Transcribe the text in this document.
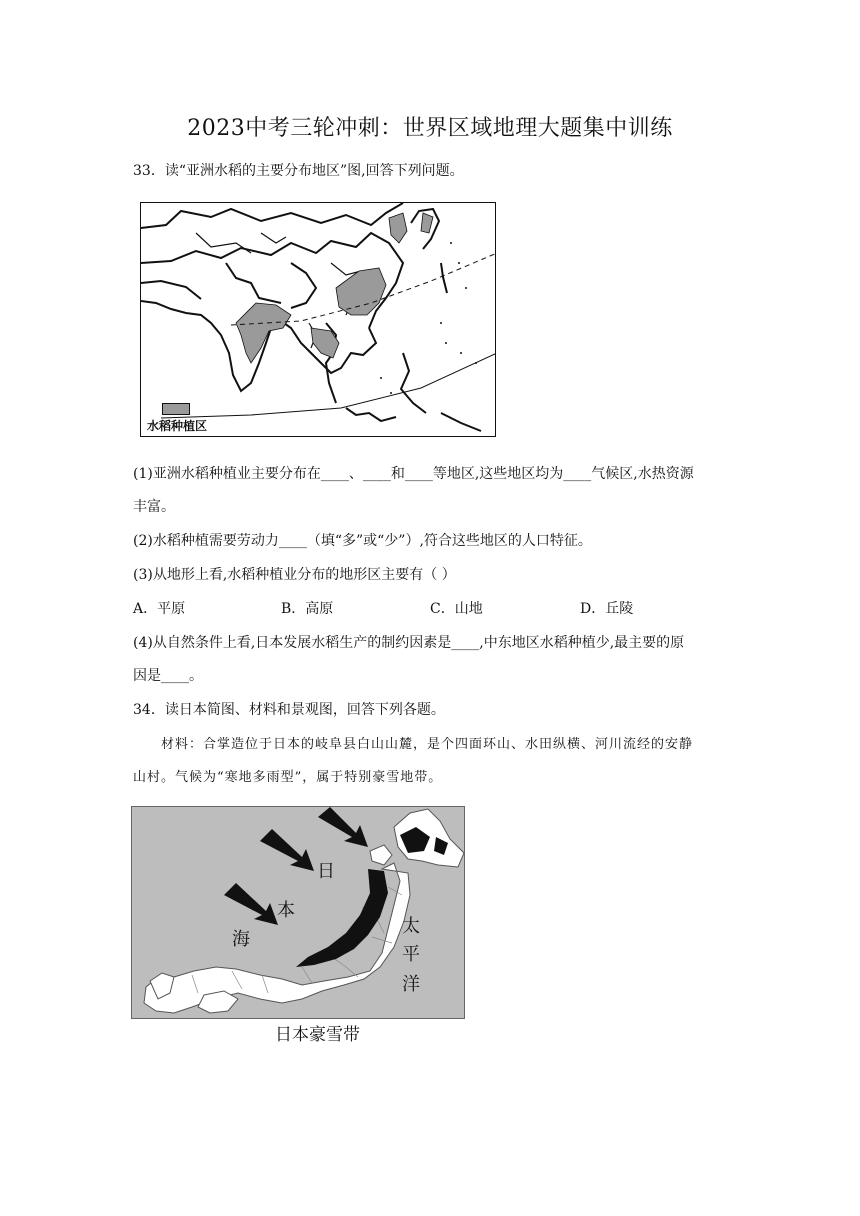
2023中考三轮冲刺：世界区域地理大题集中训练
33．读“亚洲水稻的主要分布地区”图,回答下列问题。
水稻种植区
(1)亚洲水稻种植业主要分布在____、____和____等地区,这些地区均为____气候区,水热资源
丰富。
(2)水稻种植需要劳动力____（填“多”或“少”）,符合这些地区的人口特征。
(3)从地形上看,水稻种植业分布的地形区主要有（ ）
A．平原	B．高原	C．山地	D．丘陵
(4)从自然条件上看,日本发展水稻生产的制约因素是____,中东地区水稻种植少,最主要的原
因是____。
34．读日本简图、材料和景观图，回答下列各题。
材料：合掌造位于日本的岐阜县白山山麓，是个四面环山、水田纵横、河川流经的安静
山村。气候为“寒地多雨型”，属于特别豪雪地带。
日
本
海
太
平
洋
日本豪雪带
